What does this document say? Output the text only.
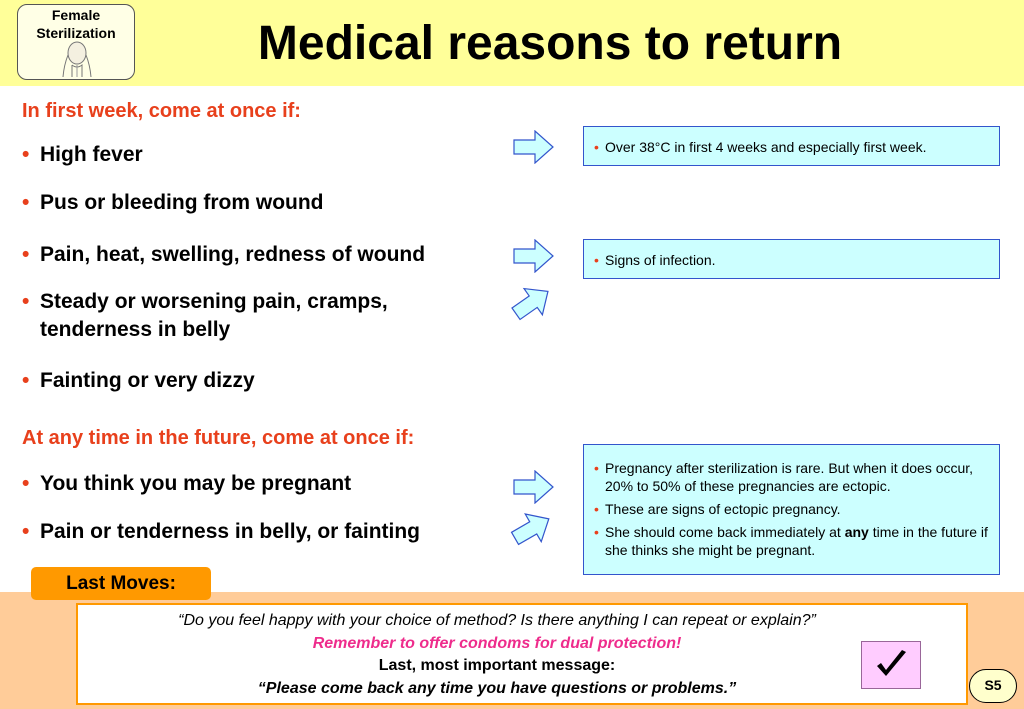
Female
Sterilization	Medical reasons to return
In first week, come at once if:
• High fever
• Pus or bleeding from wound
• Pain, heat, swelling, redness of wound
• Steady or worsening pain, cramps, tenderness in belly
• Fainting or very dizzy
At any time in the future, come at once if:
• You think you may be pregnant
• Pain or tenderness in belly, or fainting
• Over 38°C in first 4 weeks and especially first week.
• Signs of infection.
• Pregnancy after sterilization is rare. But when it does occur, 20% to 50% of these pregnancies are ectopic.
• These are signs of ectopic pregnancy.
• She should come back immediately at any time in the future if she thinks she might be pregnant.
Last Moves:
“Do you feel happy with your choice of method? Is there anything I can repeat or explain?”
Remember to offer condoms for dual protection!
Last, most important message:
“Please come back any time you have questions or problems.”	S5
